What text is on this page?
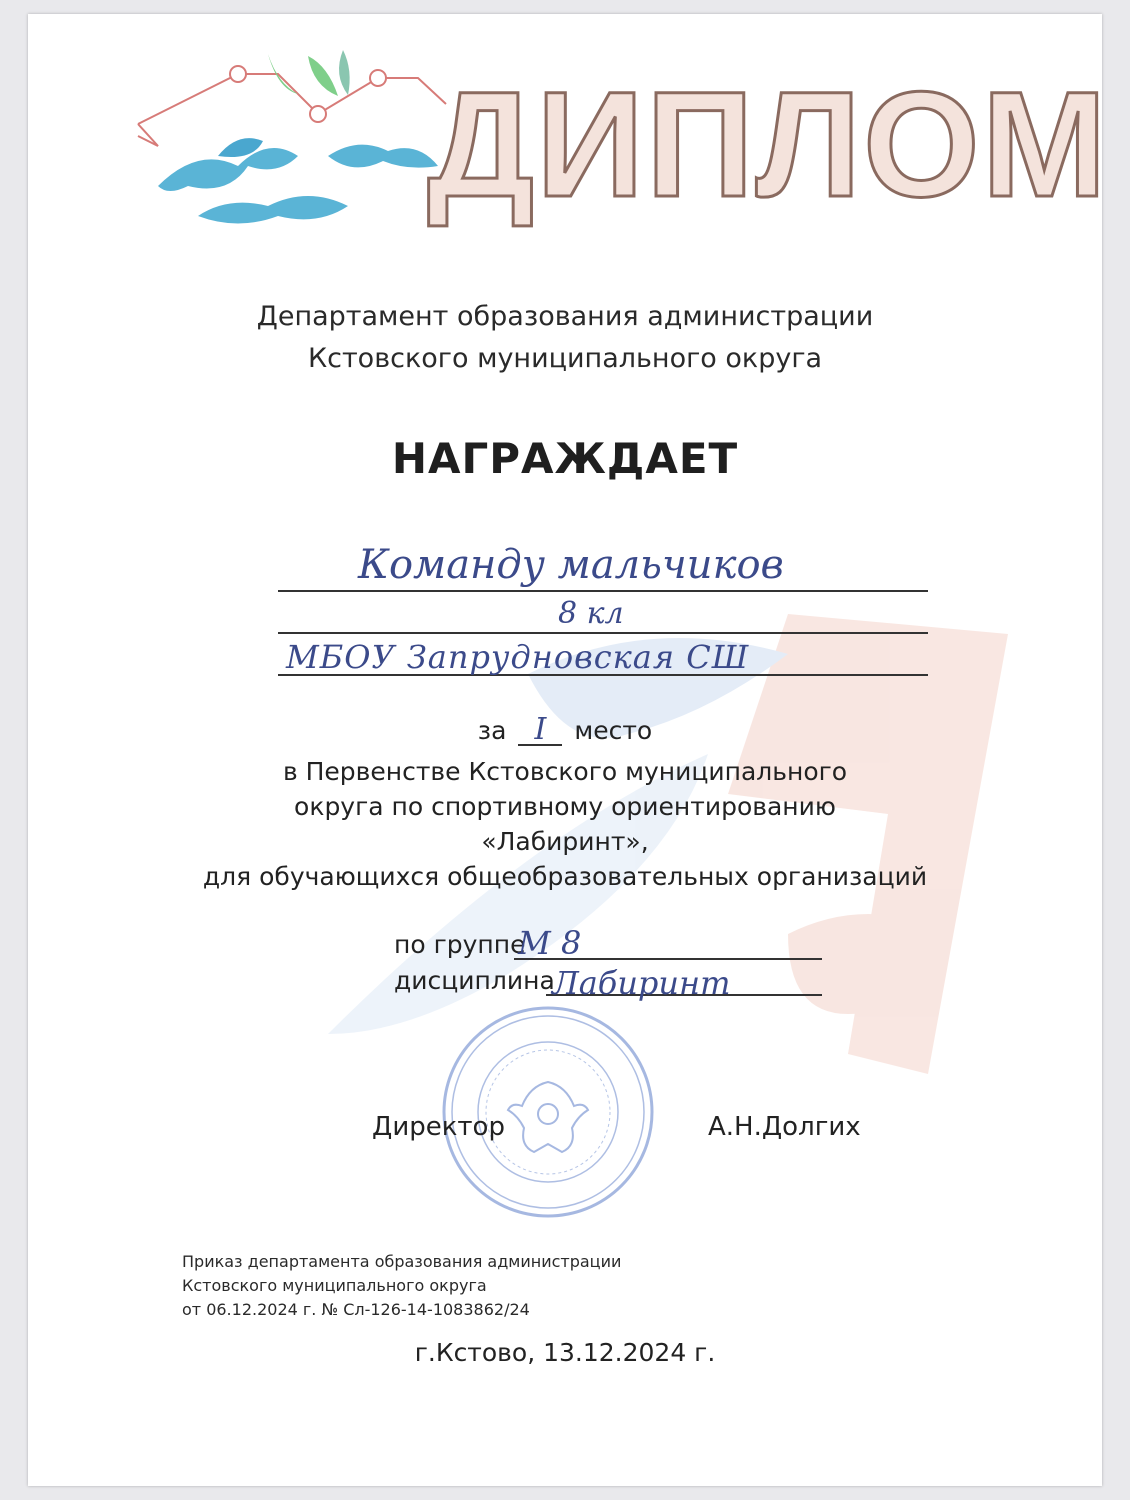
ДИПЛОМ
Департамент образования администрации
Кстовского муниципального округа
НАГРАЖДАЕТ
Команду мальчиков
8 кл
МБОУ Запрудновская СШ
за I место
в Первенстве Кстовского муниципального
округа по спортивному ориентированию
«Лабиринт»,
для обучающихся общеобразовательных организаций
по группе
М 8
дисциплина
Лабиринт
Директор	А.Н.Долгих
Приказ департамента образования администрации
Кстовского муниципального округа
от 06.12.2024 г. № Сл-126-14-1083862/24
г.Кстово, 13.12.2024 г.
